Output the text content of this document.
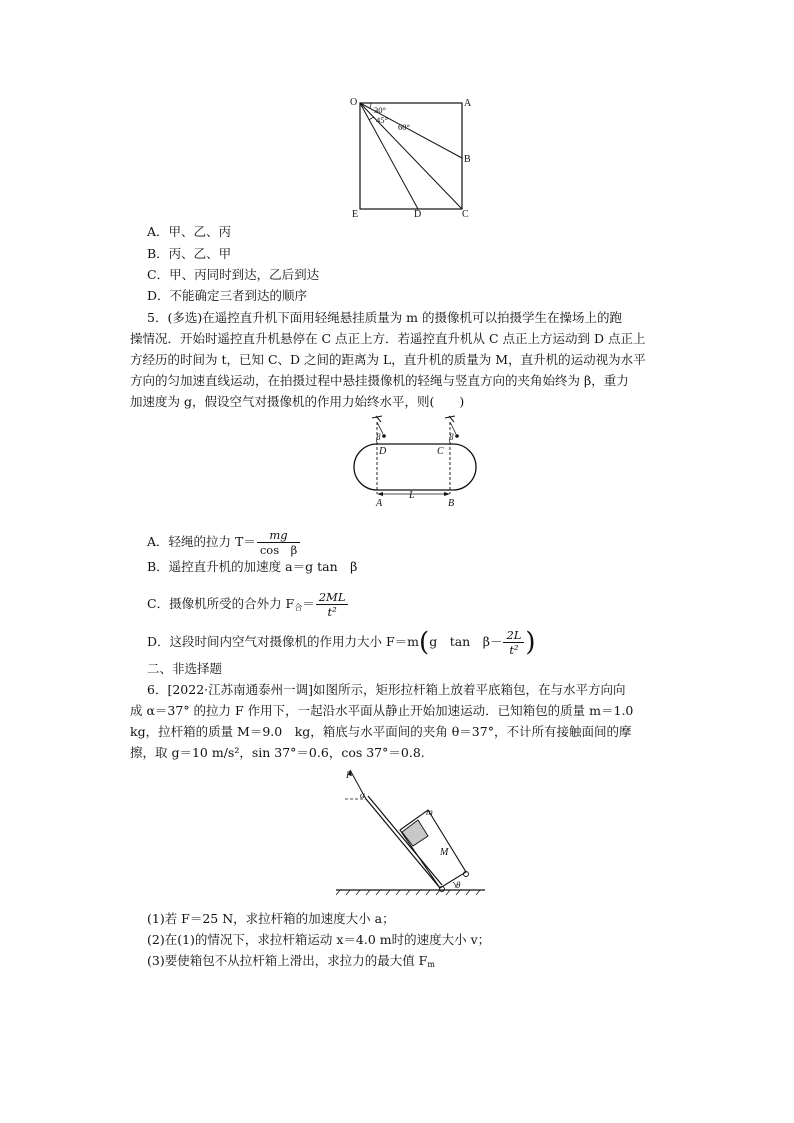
O	A
B
C
D
E
30°
45°
60°
A．甲、乙、丙
B．丙、乙、甲
C．甲、丙同时到达，乙后到达
D．不能确定三者到达的顺序
5．(多选)在遥控直升机下面用轻绳悬挂质量为 m 的摄像机可以拍摄学生在操场上的跑
操情况．开始时遥控直升机悬停在 C 点正上方．若遥控直升机从 C 点正上方运动到 D 点正上
方经历的时间为 t，已知 C、D 之间的距离为 L，直升机的质量为 M，直升机的运动视为水平
方向的匀加速直线运动，在拍摄过程中悬挂摄像机的轻绳与竖直方向的夹角始终为 β，重力
加速度为 g，假设空气对摄像机的作用力始终水平，则(　　)
β	β
D	C
L
A	B
A．轻绳的拉力 $T= \frac{mg}{\text{cos　β}}$
B．遥控直升机的加速度 a＝g tan　β
C．摄像机所受的合外力 $F_合= \frac{2ML}{\text{t²}}$
D．这段时间内空气对摄像机的作用力大小 F＝m(g　tan　$\beta- \frac{2L}{\text{t²}}$ )
二、非选择题
6．[2022·江苏南通泰州一调]如图所示，矩形拉杆箱上放着平底箱包，在与水平方向向
成 α＝37° 的拉力 F 作用下，一起沿水平面从静止开始加速运动．已知箱包的质量 m＝1.0
kg，拉杆箱的质量 M＝9.0　kg，箱底与水平面间的夹角 θ＝37°，不计所有接触面间的摩
擦，取 g＝10 m/s²，sin 37°＝0.6，cos 37°＝0.8.
F
α
m
M
θ
(1)若 F＝25 N，求拉杆箱的加速度大小 a；
(2)在(1)的情况下，求拉杆箱运动 x＝4.0 m时的速度大小 v；
(3)要使箱包不从拉杆箱上滑出，求拉力的最大值 $F_m$
